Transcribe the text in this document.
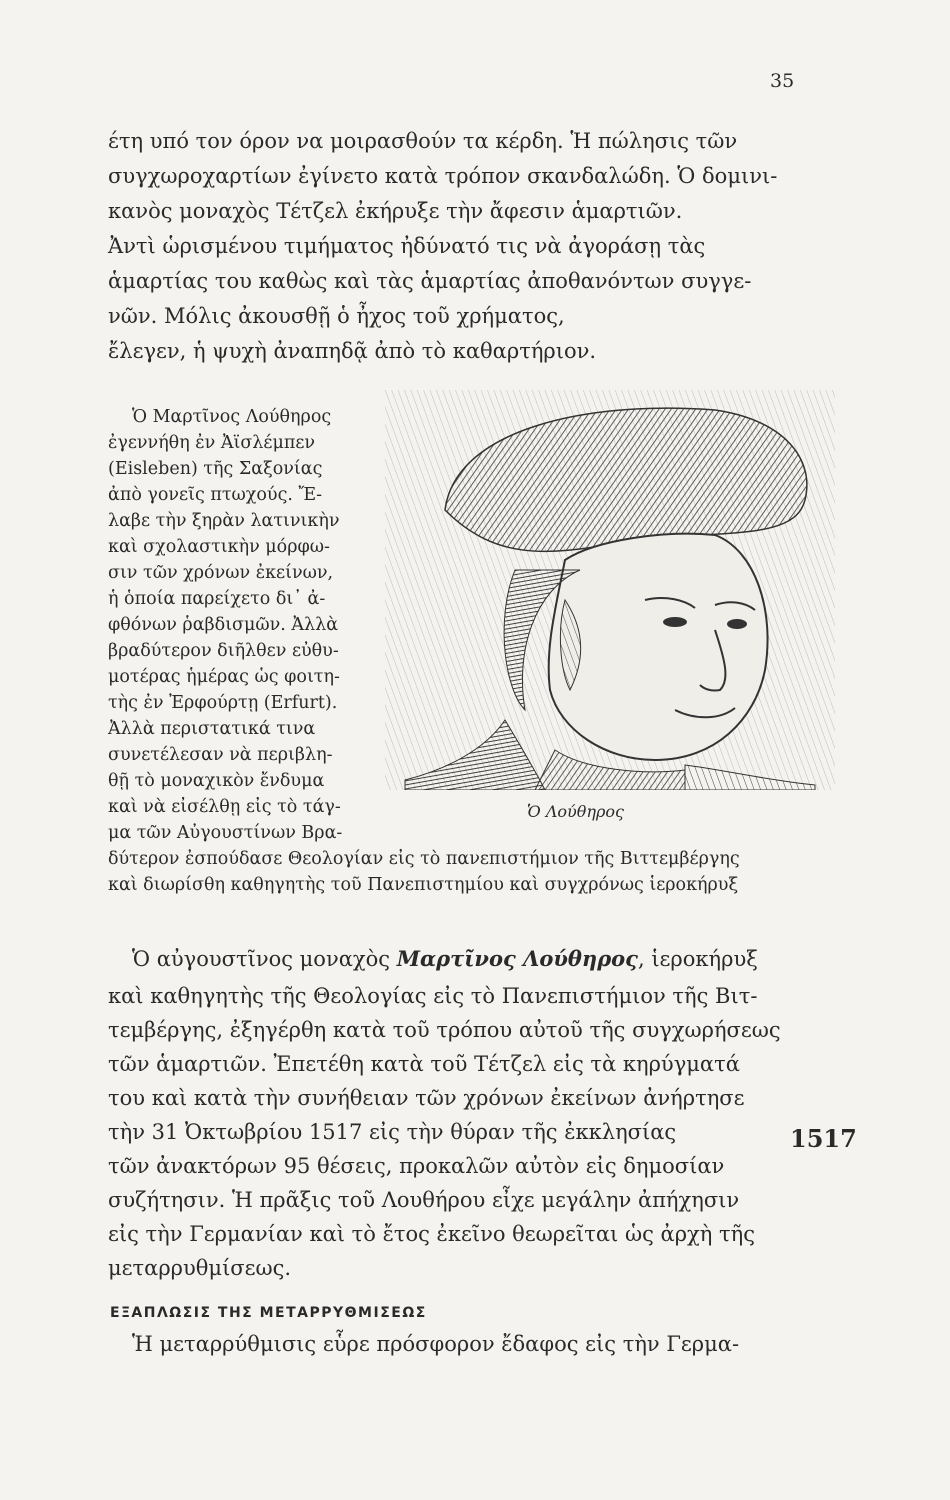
35
έτη υπό τον όρον να μοιρασθούν τα κέρδη. Ἡ πώλησις τῶν
συγχωροχαρτίων ἐγίνετο κατὰ τρόπον σκανδαλώδη. Ὁ δομινι-
κανὸς μοναχὸς Τέτζελ ἐκήρυξε τὴν ἄφεσιν ἁμαρτιῶν.
Ἀντὶ ὡρισμένου τιμήματος ἠδύνατό τις νὰ ἀγοράσῃ τὰς
ἁμαρτίας του καθὼς καὶ τὰς ἁμαρτίας ἀποθανόντων συγγε-
νῶν. Μόλις ἀκουσθῇ ὁ ἦχος τοῦ χρήματος,
ἔλεγεν, ἡ ψυχὴ ἀναπηδᾷ ἀπὸ τὸ καθαρτήριον.
Ὁ Μαρτῖνος Λούθηρος
ἐγεννήθη ἐν Ἀϊσλέμπεν
(Eisleben) τῆς Σαξονίας
ἀπὸ γονεῖς πτωχούς. Ἔ-
λαβε τὴν ξηρὰν λατινικὴν
καὶ σχολαστικὴν μόρφω-
σιν τῶν χρόνων ἐκείνων,
ἡ ὁποία παρείχετο δι᾿ ἀ-
φθόνων ῥαβδισμῶν. Ἀλλὰ
βραδύτερον διῆλθεν εὐθυ-
μοτέρας ἡμέρας ὡς φοιτη-
τὴς ἐν Ἐρφούρτῃ (Erfurt).
Ἀλλὰ περιστατικά τινα
συνετέλεσαν νὰ περιβλη-
θῇ τὸ μοναχικὸν ἔνδυμα
καὶ νὰ εἰσέλθῃ εἰς τὸ τάγ-
μα τῶν Αὐγουστίνων Βρα-
δύτερον ἐσπούδασε Θεολογίαν εἰς τὸ πανεπιστήμιον τῆς Βιττεμβέργης
καὶ διωρίσθη καθηγητὴς τοῦ Πανεπιστημίου καὶ συγχρόνως ἱεροκήρυξ
Ὁ Λούθηρος
Ὁ αὐγουστῖνος μοναχὸς Μαρτῖνος Λούθηρος, ἱεροκήρυξ
καὶ καθηγητὴς τῆς Θεολογίας εἰς τὸ Πανεπιστήμιον τῆς Βιτ-
τεμβέργης, ἐξηγέρθη κατὰ τοῦ τρόπου αὐτοῦ τῆς συγχωρήσεως
τῶν ἁμαρτιῶν. Ἐπετέθη κατὰ τοῦ Τέτζελ εἰς τὰ κηρύγματά
του καὶ κατὰ τὴν συνήθειαν τῶν χρόνων ἐκείνων ἀνήρτησε
τὴν 31 Ὀκτωβρίου 1517 εἰς τὴν θύραν τῆς ἐκκλησίας
τῶν ἀνακτόρων 95 θέσεις, προκαλῶν αὐτὸν εἰς δημοσίαν
συζήτησιν. Ἡ πρᾶξις τοῦ Λουθήρου εἶχε μεγάλην ἀπήχησιν
εἰς τὴν Γερμανίαν καὶ τὸ ἔτος ἐκεῖνο θεωρεῖται ὡς ἀρχὴ τῆς
μεταρρυθμίσεως.
1517
ΕΞΑΠΛΩΣΙΣ ΤΗΣ ΜΕΤΑΡΡΥΘΜΙΣΕΩΣ
Ἡ μεταρρύθμισις εὗρε πρόσφορον ἔδαφος εἰς τὴν Γερμα-
